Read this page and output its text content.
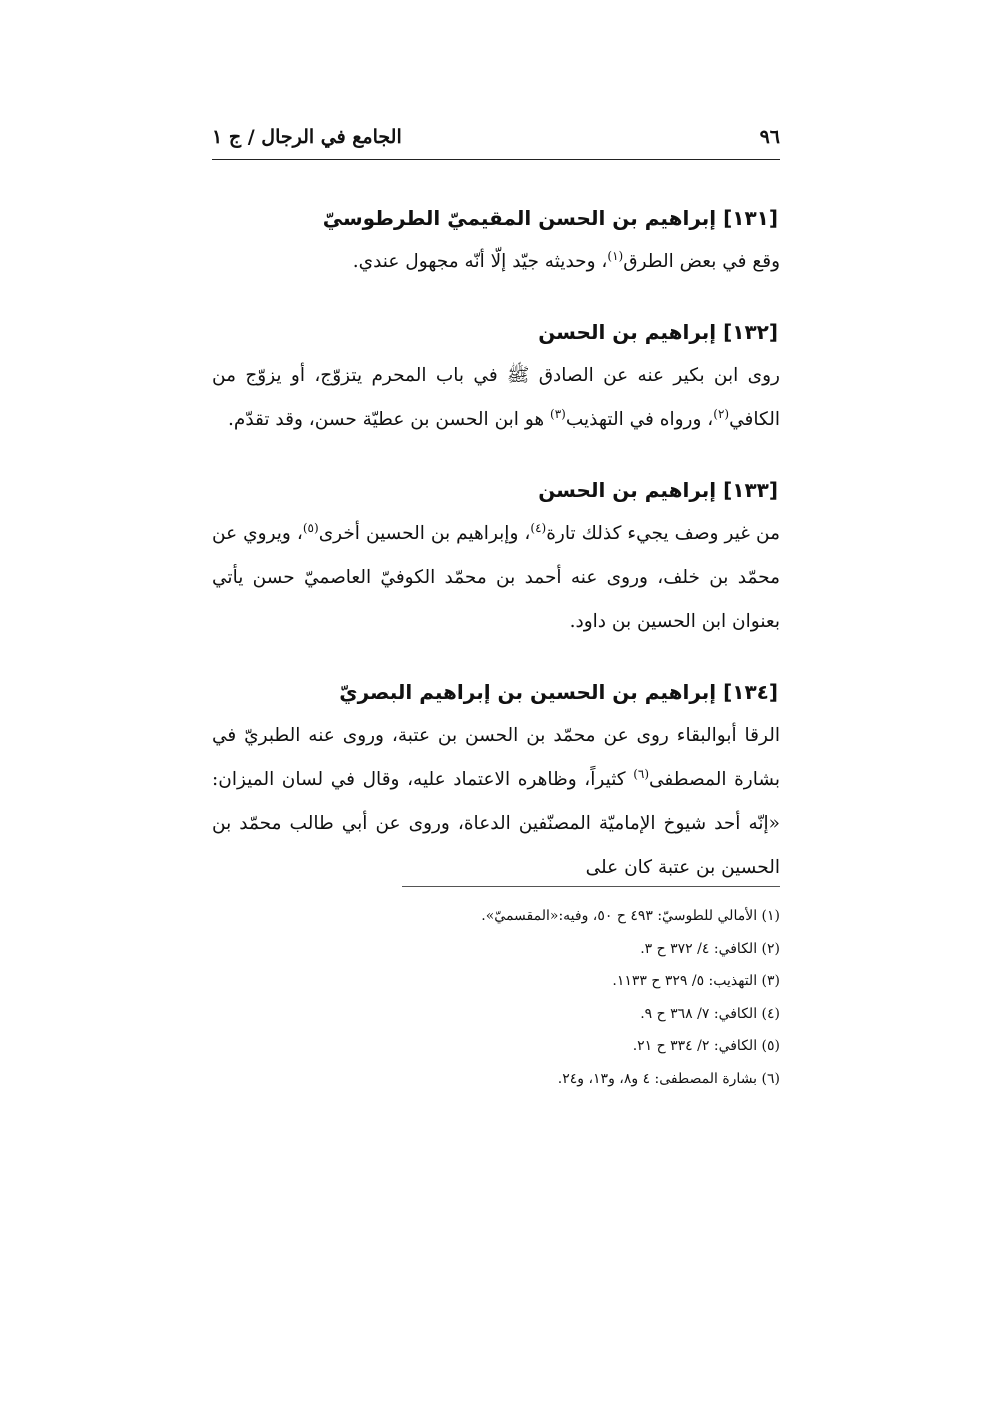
الجامع في الرجال / ج ١	٩٦
[١٣١] إبراهيم بن الحسن المقيميّ الطرطوسيّ

وقع في بعض الطرق$^{(١)}$، وحديثه جيّد إلّا أنّه مجهول عندي.

[١٣٢] إبراهيم بن الحسن

روى ابن بكير عنه عن الصادق ﷺ في باب المحرم يتزوّج، أو يزوّج من الكافي$^{(٢)}$، ورواه في التهذيب$^{(٣)}$ هو ابن الحسن بن عطيّة حسن، وقد تقدّم.

[١٣٣] إبراهيم بن الحسن

من غير وصف يجيء كذلك تارة$^{(٤)}$، وإبراهيم بن الحسين أخرى$^{(٥)}$، ويروي عن محمّد بن خلف، وروى عنه أحمد بن محمّد الكوفيّ العاصميّ حسن يأتي بعنوان ابن الحسين بن داود.

[١٣٤] إبراهيم بن الحسين بن إبراهيم البصريّ

الرقا أبوالبقاء روى عن محمّد بن الحسن بن عتبة، وروى عنه الطبريّ في بشارة المصطفى$^{(٦)}$ كثيراً، وظاهره الاعتماد عليه، وقال في لسان الميزان: «إنّه أحد شيوخ الإماميّة المصنّفين الدعاة، وروى عن أبي طالب محمّد بن الحسين بن عتبة كان على

(١) الأمالي للطوسيّ: ٤٩٣ ح ٥٠، وفيه:«المقسميّ».
(٢) الكافي: ٤/ ٣٧٢ ح ٣.
(٣) التهذيب: ٥/ ٣٢٩ ح ١١٣٣.
(٤) الكافي: ٧/ ٣٦٨ ح ٩.
(٥) الكافي: ٢/ ٣٣٤ ح ٢١.
(٦) بشارة المصطفى: ٤ و٨، و١٣، و٢٤.
